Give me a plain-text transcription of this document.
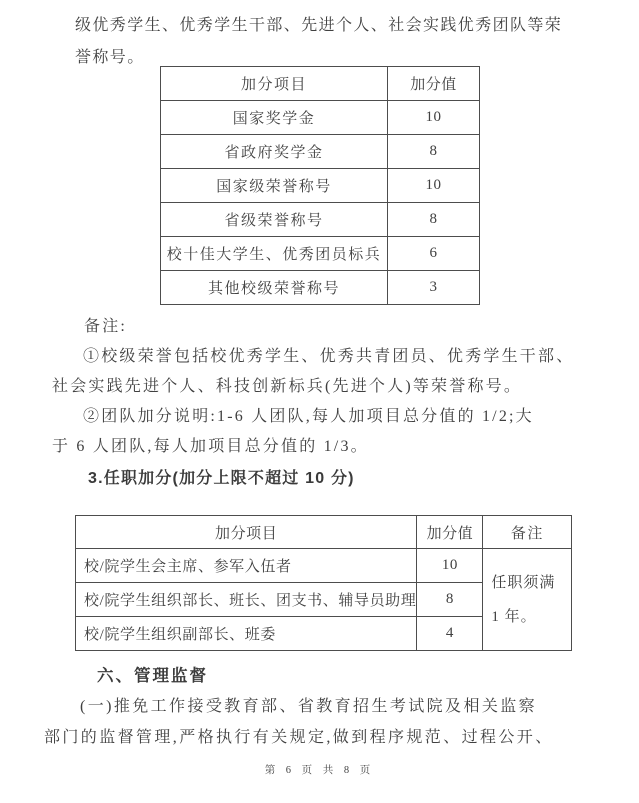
级优秀学生、优秀学生干部、先进个人、社会实践优秀团队等荣
誉称号。
加分项目	加分值
国家奖学金	10
省政府奖学金	8
国家级荣誉称号	10
省级荣誉称号	8
校十佳大学生、优秀团员标兵	6
其他校级荣誉称号	3
备注:
①校级荣誉包括校优秀学生、优秀共青团员、优秀学生干部、
社会实践先进个人、科技创新标兵(先进个人)等荣誉称号。
②团队加分说明:1-6 人团队,每人加项目总分值的 1/2;大
于 6 人团队,每人加项目总分值的 1/3。
3.任职加分(加分上限不超过 10 分)
加分项目	加分值	备注
校/院学生会主席、参军入伍者	10	任职须满 1 年。
校/院学生组织部长、班长、团支书、辅导员助理	8	
校/院学生组织副部长、班委	4	
六、管理监督
(一)推免工作接受教育部、省教育招生考试院及相关监察
部门的监督管理,严格执行有关规定,做到程序规范、过程公开、
第 6 页 共 8 页
